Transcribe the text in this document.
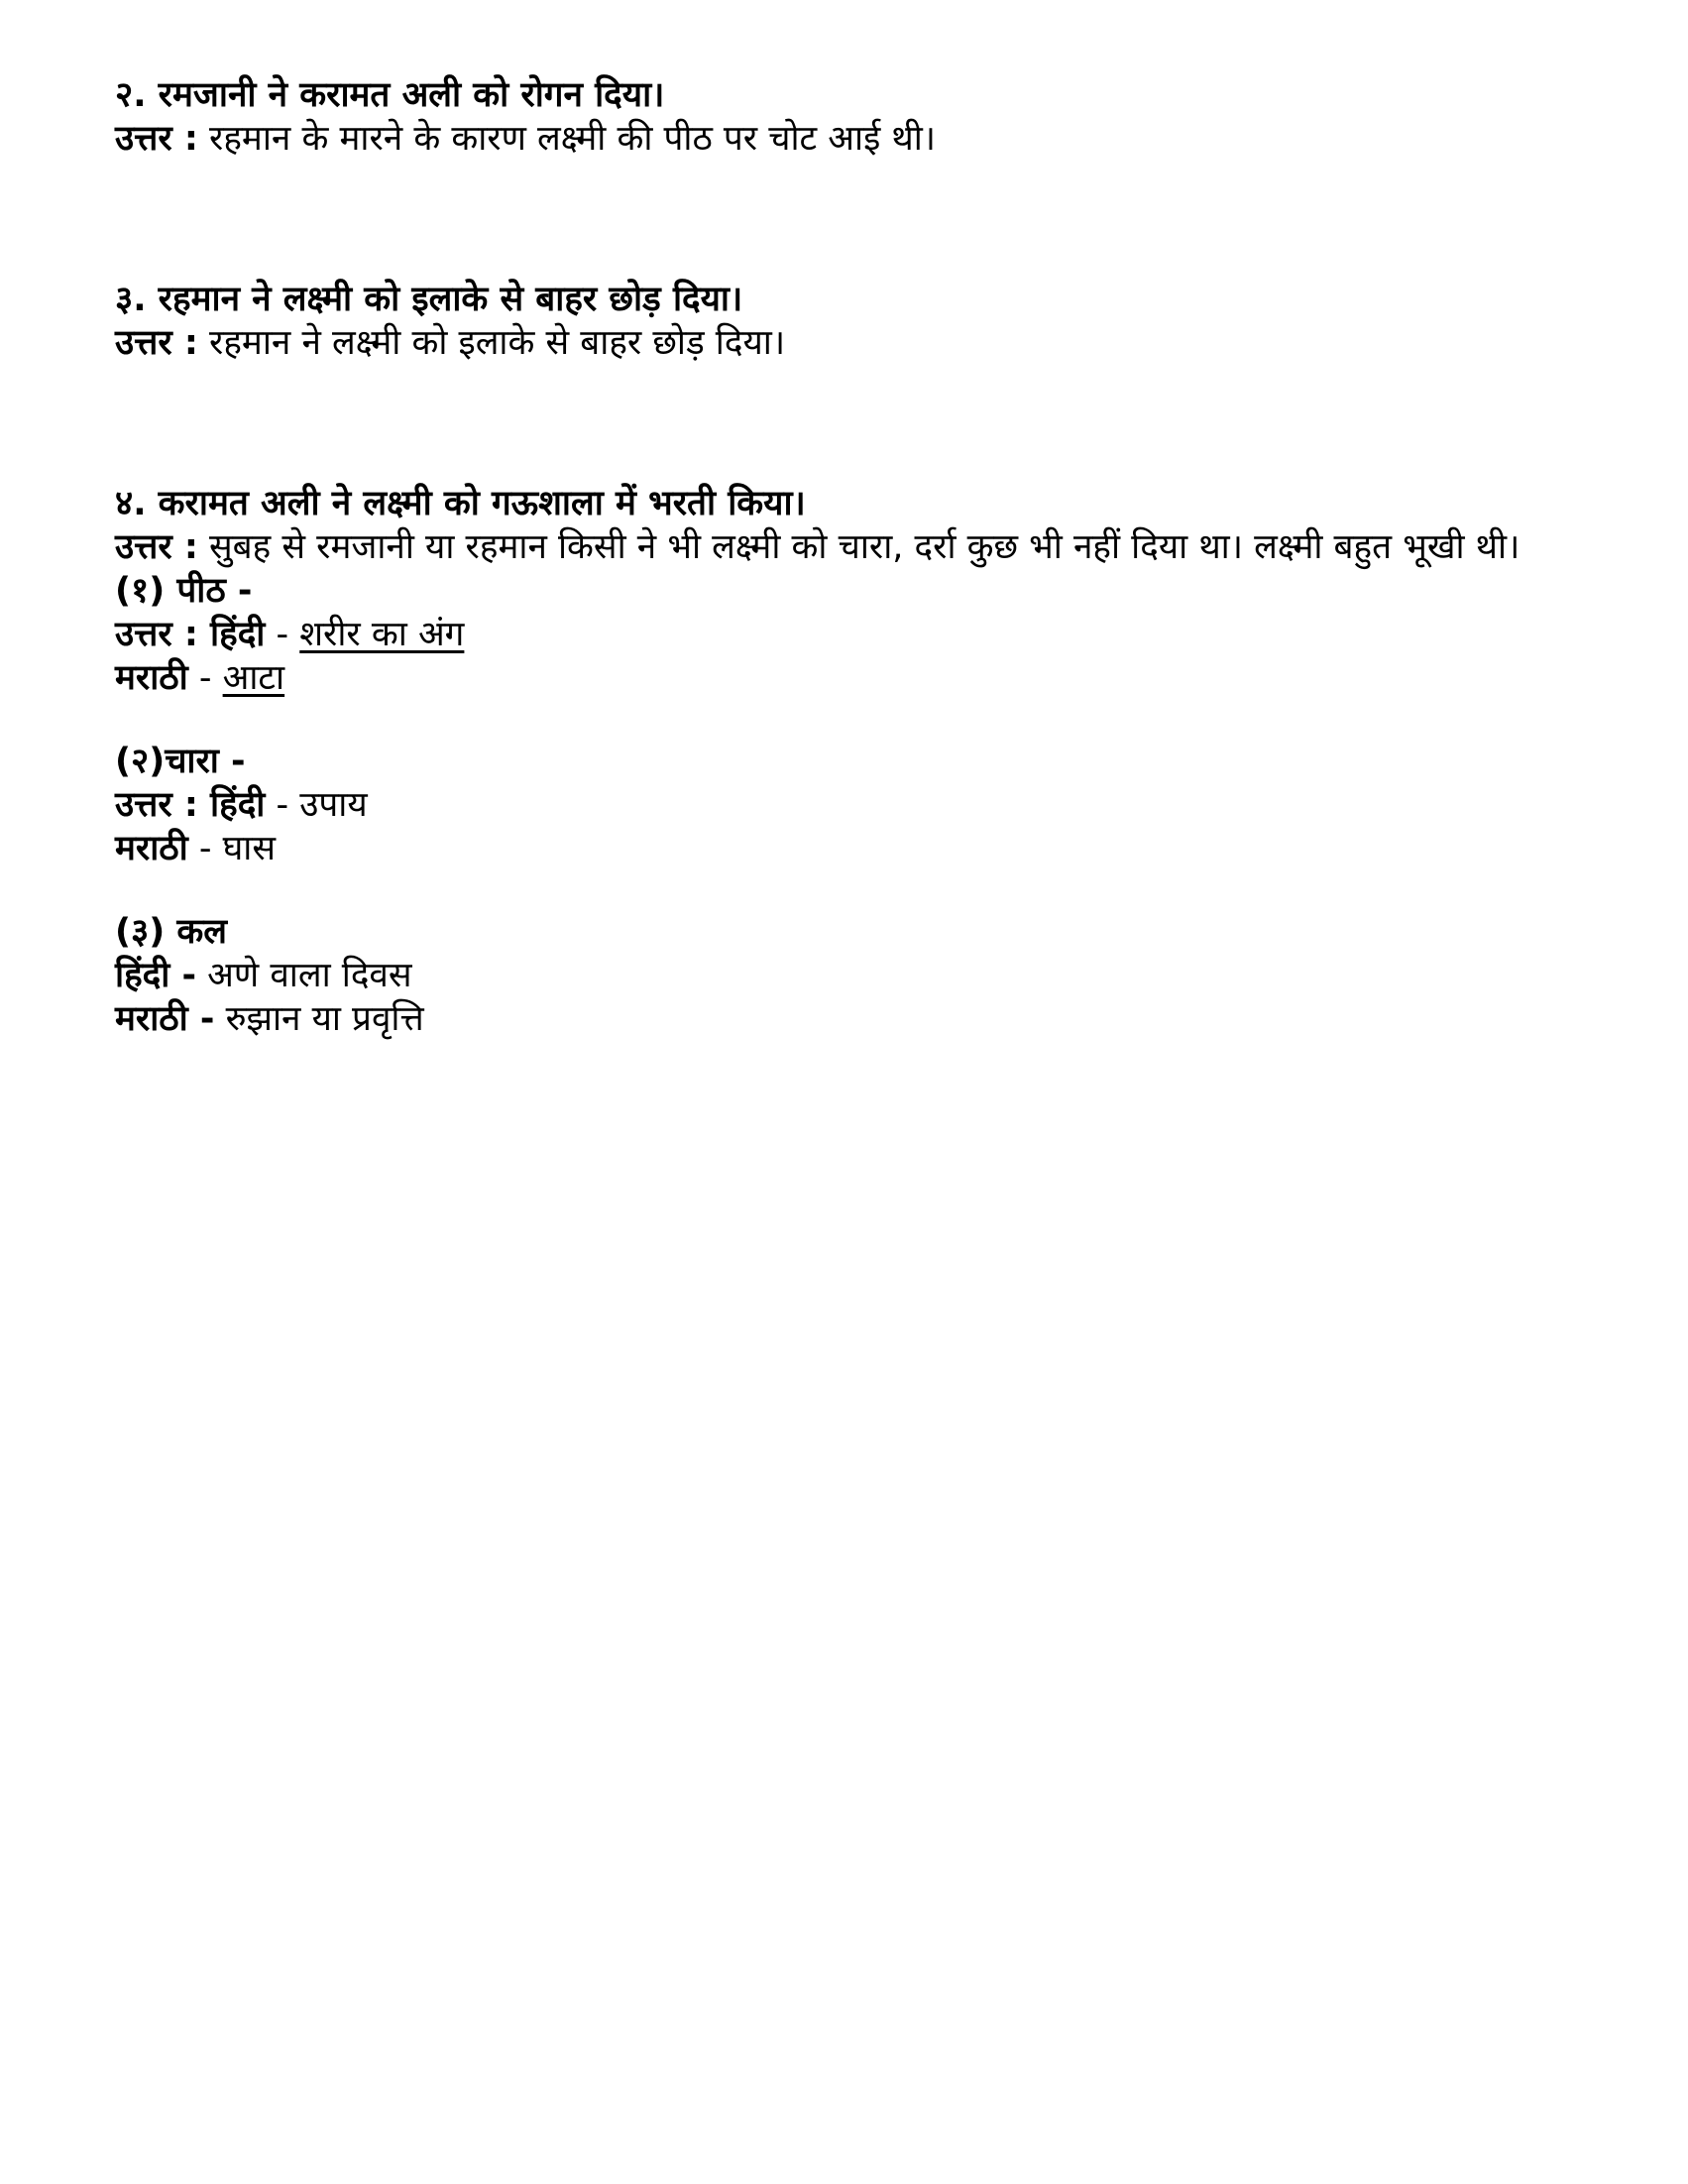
२. रमजानी ने करामत अली को रोगन दिया।
उत्तर : रहमान के मारने के कारण लक्ष्मी की पीठ पर चोट आई थी।
३. रहमान ने लक्ष्मी को इलाके से बाहर छोड़ दिया।
उत्तर : रहमान ने लक्ष्मी को इलाके से बाहर छोड़ दिया।
४. करामत अली ने लक्ष्मी को गऊशाला में भरती किया।
उत्तर : सुबह से रमजानी या रहमान किसी ने भी लक्ष्मी को चारा, दर्रा कुछ भी नहीं दिया था। लक्ष्मी बहुत भूखी थी।
(१) पीठ -
उत्तर : हिंदी - शरीर का अंग
मराठी - आटा
(२)चारा -
उत्तर : हिंदी - उपाय
मराठी - घास
(३) कल
हिंदी - अणे वाला दिवस
मराठी - रुझान या प्रवृत्ति
